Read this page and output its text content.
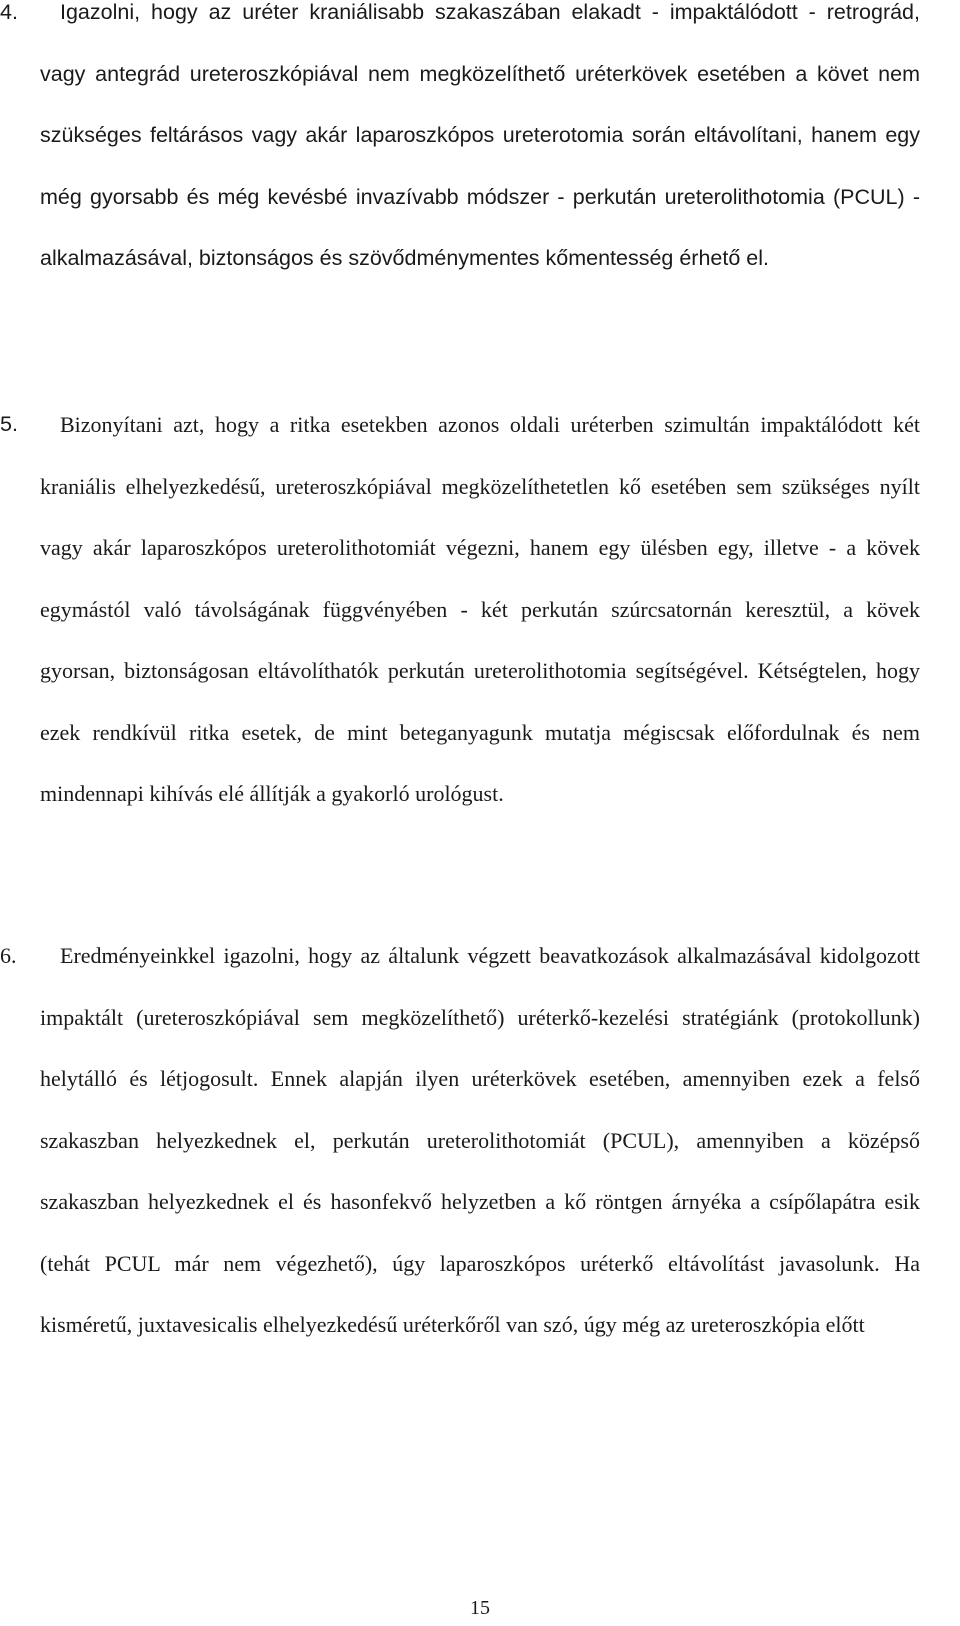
4.	Igazolni, hogy az uréter kraniálisabb szakaszában elakadt - impaktálódott - retrográd, vagy antegrád ureteroszkópiával nem megközelíthető uréterkövek esetében a követ nem szükséges feltárásos vagy akár laparoszkópos ureterotomia során eltávolítani, hanem egy még gyorsabb és még kevésbé invazívabb módszer - perkután ureterolithotomia (PCUL) - alkalmazásával, biztonságos és szövődménymentes kőmentesség érhető el.

5.	Bizonyítani azt, hogy a ritka esetekben azonos oldali uréterben szimultán impaktálódott két kraniális elhelyezkedésű, ureteroszkópiával megközelíthetetlen kő esetében sem szükséges nyílt vagy akár laparoszkópos ureterolithotomiát végezni, hanem egy ülésben egy, illetve - a kövek egymástól való távolságának függvényében - két perkután szúrcsatornán keresztül, a kövek gyorsan, biztonságosan eltávolíthatók perkután ureterolithotomia segítségével. Kétségtelen, hogy ezek rendkívül ritka esetek, de mint beteganyagunk mutatja mégiscsak előfordulnak és nem mindennapi kihívás elé állítják a gyakorló urológust.

6.	Eredményeinkkel igazolni, hogy az általunk végzett beavatkozások alkalmazásával kidolgozott impaktált (ureteroszkópiával sem megközelíthető) uréterkő-kezelési stratégiánk (protokollunk) helytálló és létjogosult. Ennek alapján ilyen uréterkövek esetében, amennyiben ezek a felső szakaszban helyezkednek el, perkután ureterolithotomiát (PCUL), amennyiben a középső szakaszban helyezkednek el és hasonfekvő helyzetben a kő röntgen árnyéka a csípőlapátra esik (tehát PCUL már nem végezhető), úgy laparoszkópos uréterkő eltávolítást javasolunk. Ha kisméretű, juxtavesicalis elhelyezkedésű uréterkőről van szó, úgy még az ureteroszkópia előtt

15
